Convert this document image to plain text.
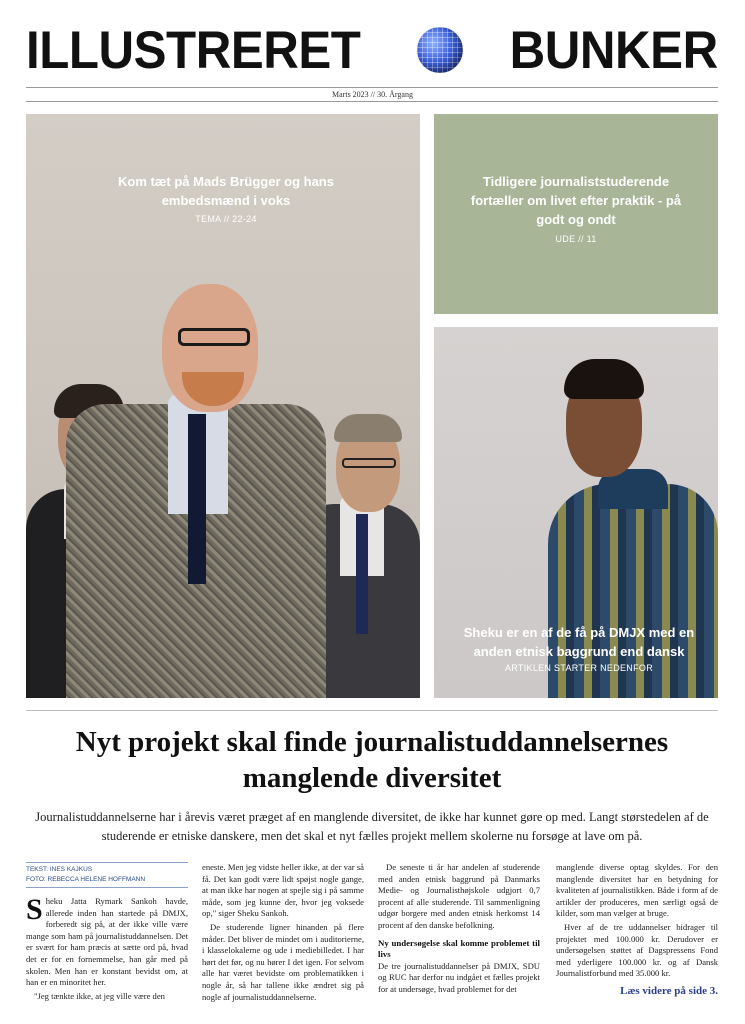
ILLUSTRERET	BUNKER
Marts 2023 // 30. Årgang
Kom tæt på Mads Brügger og hans embedsmænd i voks
TEMA // 22-24
Tidligere journaliststuderende fortæller om livet efter praktik - på godt og ondt
UDE // 11
Sheku er en af de få på DMJX med en anden etnisk baggrund end dansk
ARTIKLEN STARTER NEDENFOR
Nyt projekt skal finde journalistuddannelsernes manglende diversitet

Journalistuddannelserne har i årevis været præget af en manglende diversitet, de ikke har kunnet gøre op med. Langt størstedelen af de studerende er etniske danskere, men det skal et nyt fælles projekt mellem skolerne nu forsøge at lave om på.

TEKST: INES KAJKUS
FOTO: REBECCA HELENE HOFFMANN

Sheku Jatta Rymark Sankoh havde, allerede inden han startede på DMJX, forberedt sig på, at der ikke ville være mange som ham på journalistuddannelsen. Det er svært for ham præcis at sætte ord på, hvad det er for en fornemmelse, han går med på skolen. Men han er konstant bevidst om, at han er en minoritet her.

"Jeg tænkte ikke, at jeg ville være den

eneste. Men jeg vidste heller ikke, at der var så få. Det kan godt være lidt spøjst nogle gange, at man ikke har nogen at spejle sig i på samme måde, som jeg kunne der, hvor jeg voksede op," siger Sheku Sankoh.

De studerende ligner hinanden på flere måder. Det bliver de mindet om i auditorierne, i klasselokalerne og ude i mediebilledet. I har hørt det før, og nu hører I det igen. For selvom alle har været bevidste om problematikken i nogle år, så har tallene ikke ændret sig på nogle af journalistuddannelserne.

De seneste ti år har andelen af studerende med anden etnisk baggrund på Danmarks Medie- og Journalisthøjskole udgjort 0,7 procent af alle studerende. Til sammenligning udgør borgere med anden etnisk herkomst 14 procent af den danske befolkning.

Ny undersøgelse skal komme problemet til livs

De tre journalistuddannelser på DMJX, SDU og RUC har derfor nu indgået et fælles projekt for at undersøge, hvad problemet for det

manglende diverse optag skyldes. For den manglende diversitet har en betydning for kvaliteten af journalistikken. Både i form af de artikler der produceres, men særligt også de kilder, som man vælger at bruge.

Hver af de tre uddannelser bidrager til projektet med 100.000 kr. Derudover er undersøgelsen støttet af Dagspressens Fond med yderligere 100.000 kr. og af Dansk Journalistforbund med 35.000 kr.

Læs videre på side 3.
